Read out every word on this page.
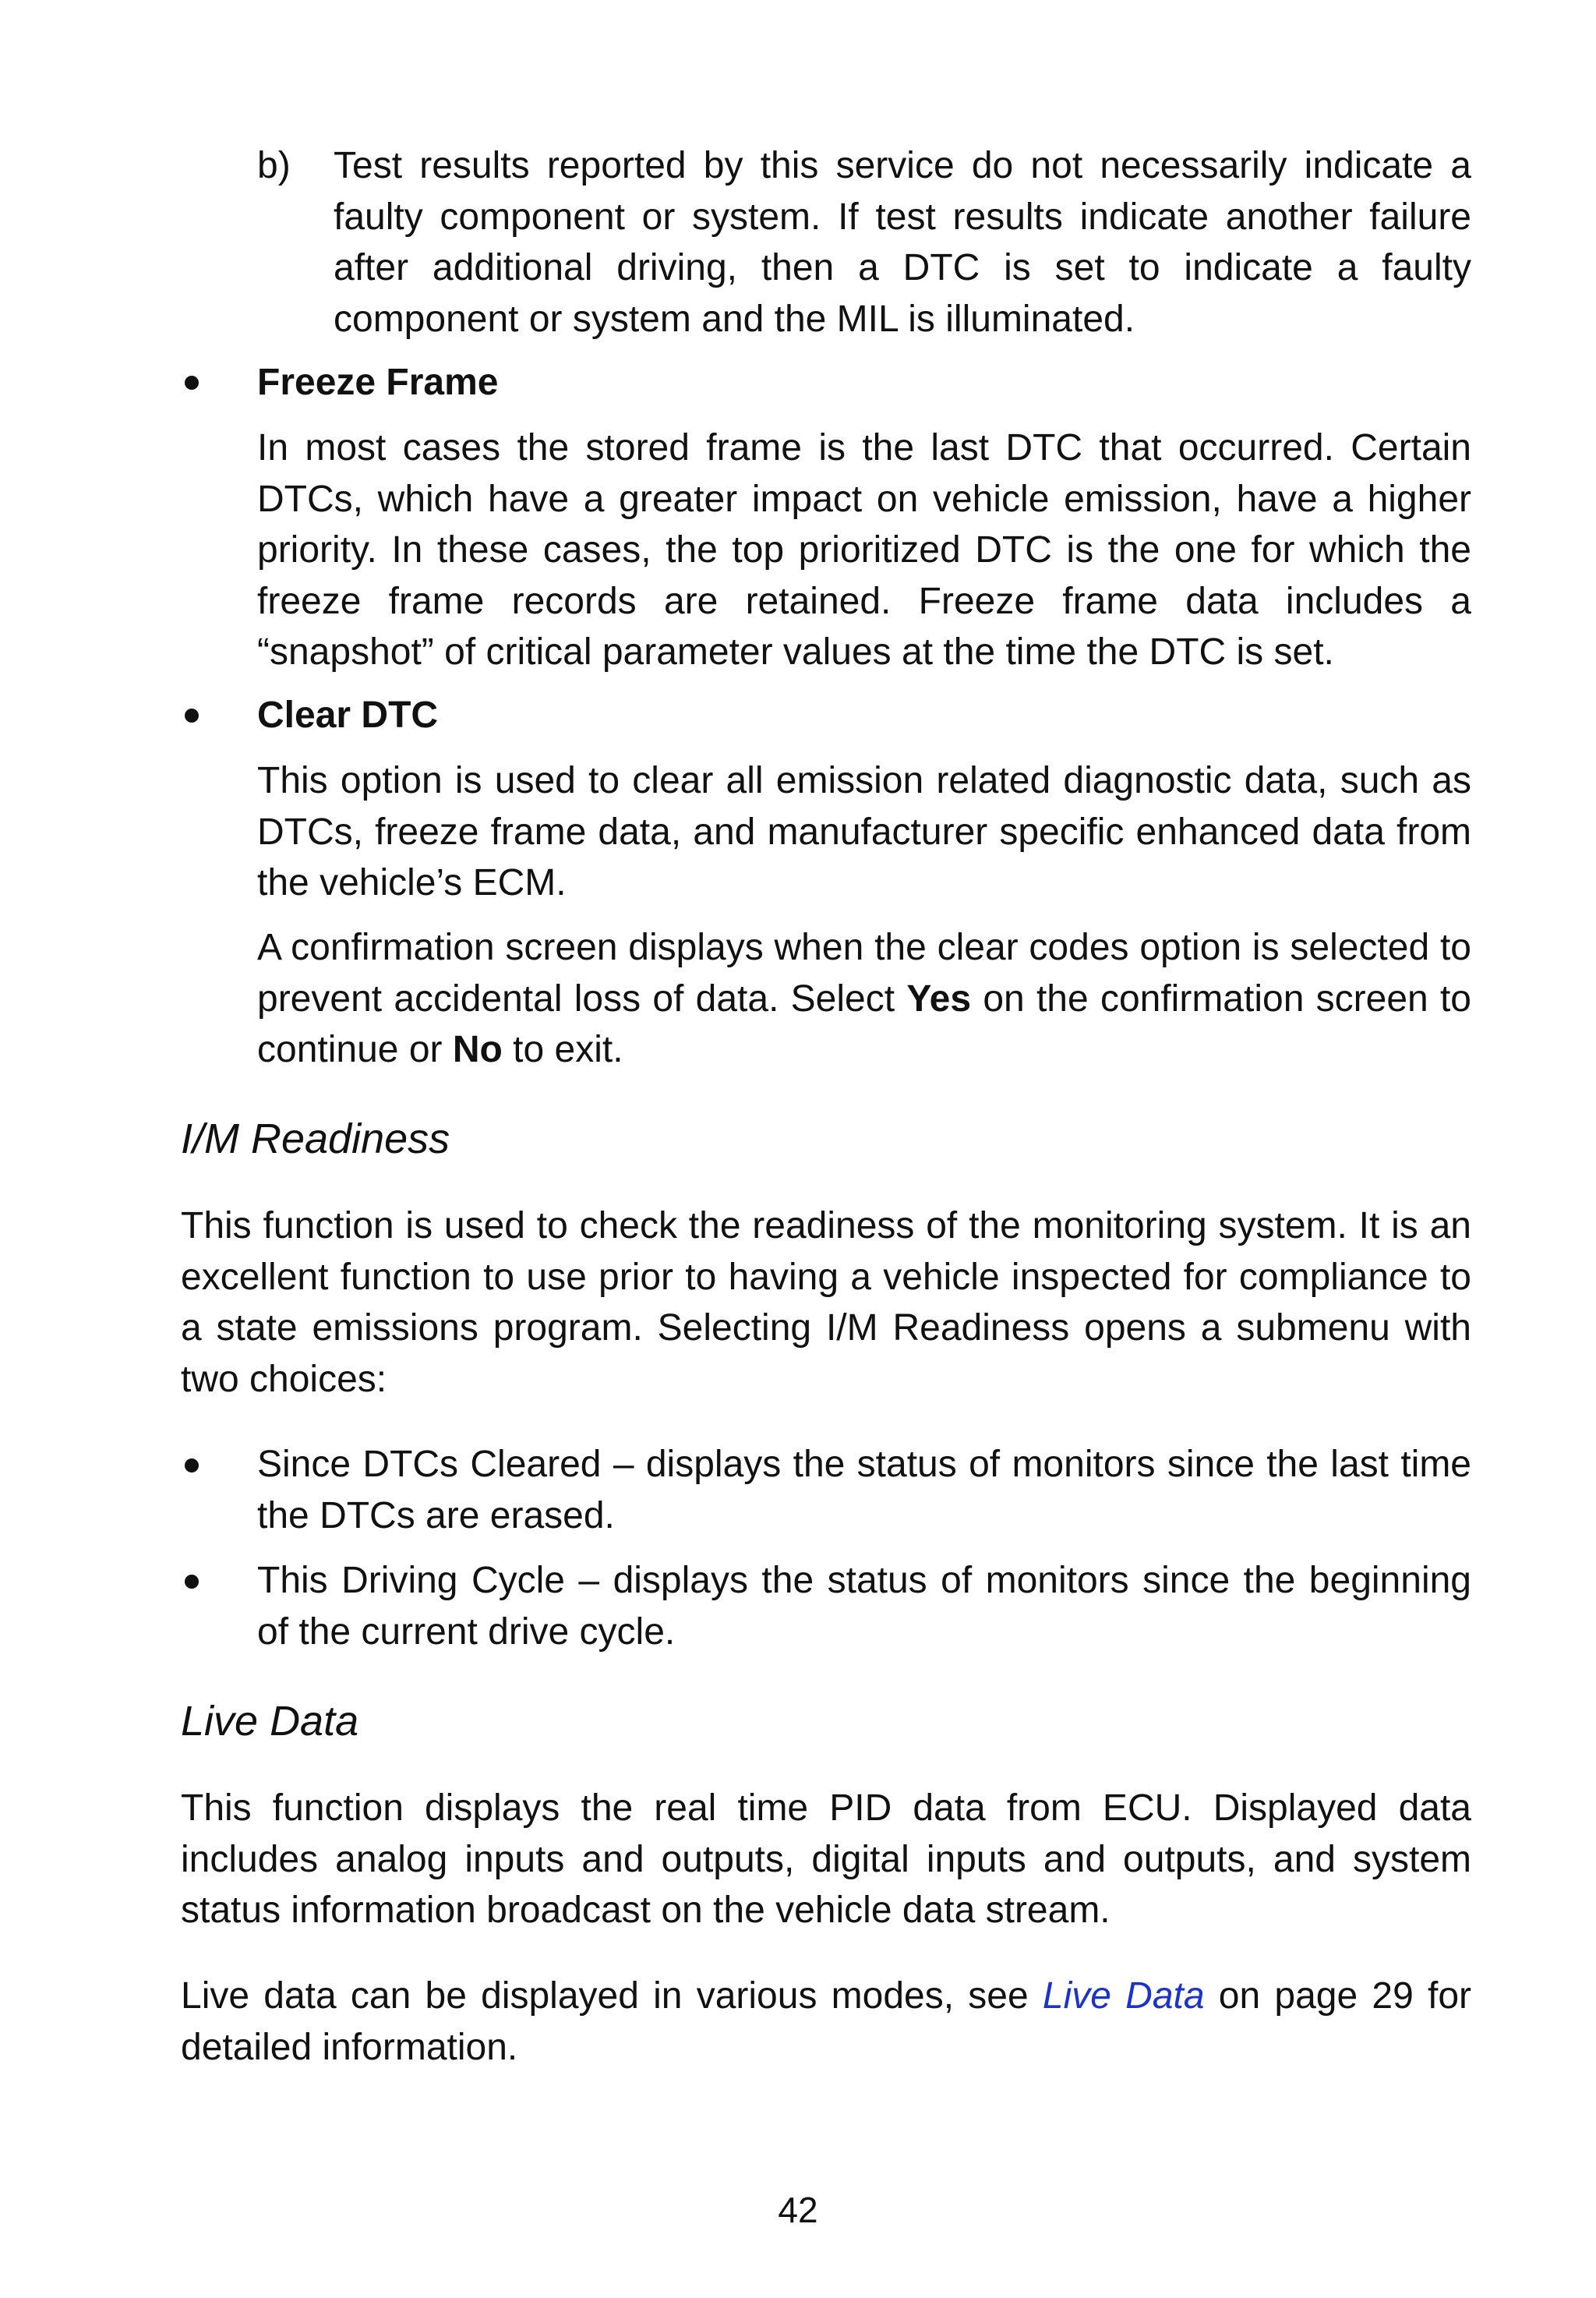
b) Test results reported by this service do not necessarily indicate a faulty component or system. If test results indicate another failure after additional driving, then a DTC is set to indicate a faulty component or system and the MIL is illuminated.

Freeze Frame

In most cases the stored frame is the last DTC that occurred. Certain DTCs, which have a greater impact on vehicle emission, have a higher priority. In these cases, the top prioritized DTC is the one for which the freeze frame records are retained. Freeze frame data includes a “snapshot” of critical parameter values at the time the DTC is set.

Clear DTC

This option is used to clear all emission related diagnostic data, such as DTCs, freeze frame data, and manufacturer specific enhanced data from the vehicle’s ECM.

A confirmation screen displays when the clear codes option is selected to prevent accidental loss of data. Select Yes on the confirmation screen to continue or No to exit.

I/M Readiness

This function is used to check the readiness of the monitoring system. It is an excellent function to use prior to having a vehicle inspected for compliance to a state emissions program. Selecting I/M Readiness opens a submenu with two choices:

Since DTCs Cleared – displays the status of monitors since the last time the DTCs are erased.

This Driving Cycle – displays the status of monitors since the beginning of the current drive cycle.

Live Data

This function displays the real time PID data from ECU. Displayed data includes analog inputs and outputs, digital inputs and outputs, and system status information broadcast on the vehicle data stream.

Live data can be displayed in various modes, see Live Data on page 29 for detailed information.

42
